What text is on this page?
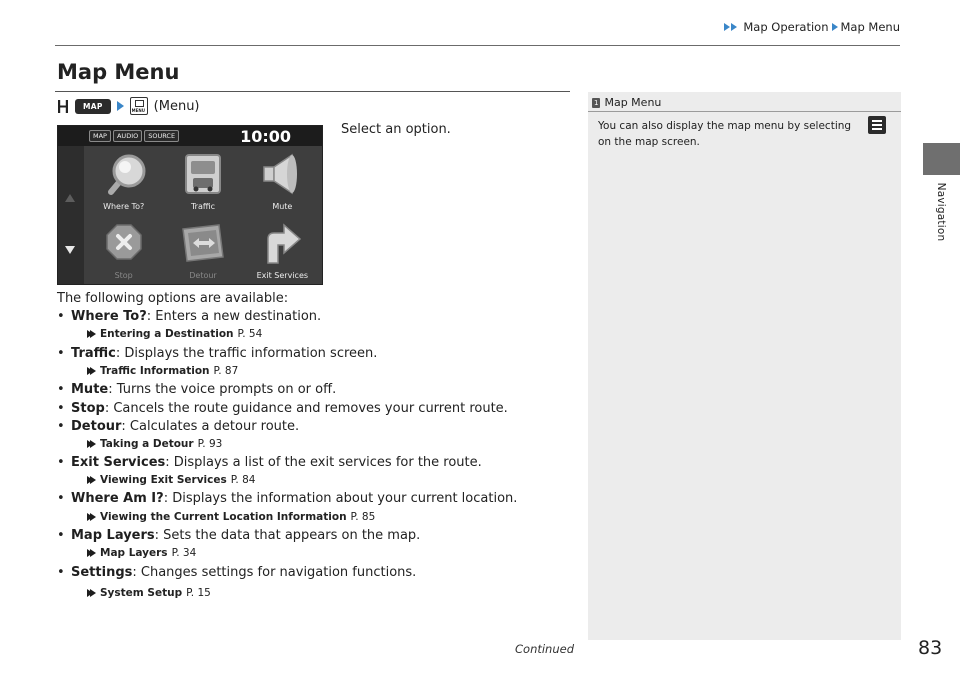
Map Operation Map Menu
Navigation
Map Menu
MAP	MENU (Menu)
MAP	AUDIO	SOURCE	10:00
Where To?	Traffic	Mute
Stop	Detour	Exit Services
Select an option.
The following options are available:
• Where To?: Enters a new destination.
Entering a Destination P. 54
• Traffic: Displays the traffic information screen.
Traffic Information P. 87
• Mute: Turns the voice prompts on or off.
• Stop: Cancels the route guidance and removes your current route.
• Detour: Calculates a detour route.
Taking a Detour P. 93
• Exit Services: Displays a list of the exit services for the route.
Viewing Exit Services P. 84
• Where Am I?: Displays the information about your current location.
Viewing the Current Location Information P. 85
• Map Layers: Sets the data that appears on the map.
Map Layers P. 34
• Settings: Changes settings for navigation functions.
System Setup P. 15
1 Map Menu
You can also display the map menu by selecting
on the map screen.
Continued	83
